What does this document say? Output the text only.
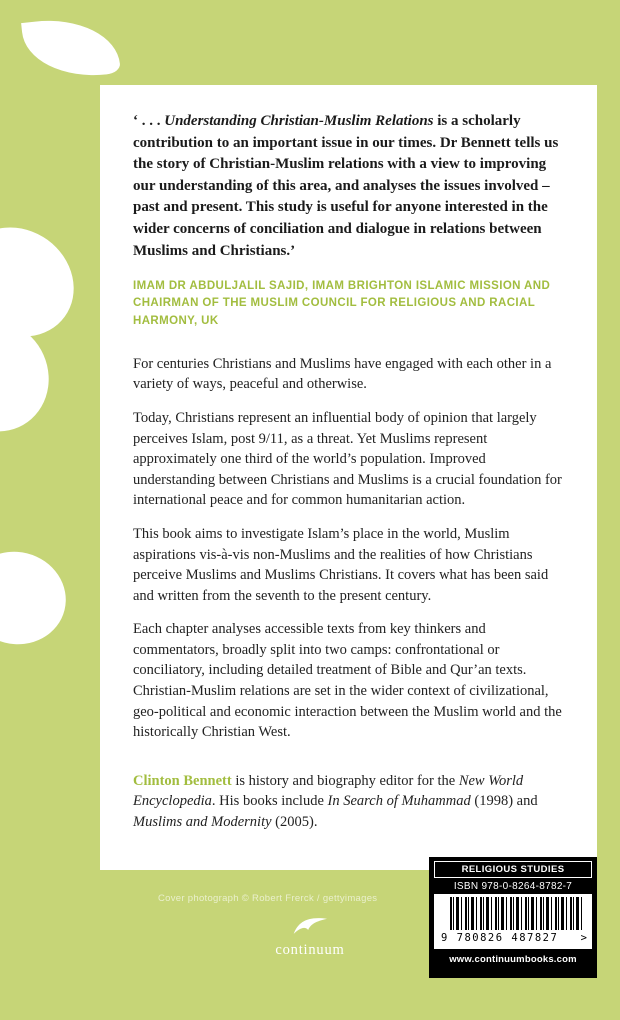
‘ . . . Understanding Christian-Muslim Relations is a scholarly contribution to an important issue in our times. Dr Bennett tells us the story of Christian-Muslim relations with a view to improving our understanding of this area, and analyses the issues involved – past and present. This study is useful for anyone interested in the wider concerns of conciliation and dialogue in relations between Muslims and Christians.’

IMAM DR ABDULJALIL SAJID, IMAM BRIGHTON ISLAMIC MISSION AND CHAIRMAN OF THE MUSLIM COUNCIL FOR RELIGIOUS AND RACIAL HARMONY, UK

For centuries Christians and Muslims have engaged with each other in a variety of ways, peaceful and otherwise.

Today, Christians represent an influential body of opinion that largely perceives Islam, post 9/11, as a threat. Yet Muslims represent approximately one third of the world’s population. Improved understanding between Christians and Muslims is a crucial foundation for international peace and for common humanitarian action.

This book aims to investigate Islam’s place in the world, Muslim aspirations vis-à-vis non-Muslims and the realities of how Christians perceive Muslims and Muslims Christians. It covers what has been said and written from the seventh to the present century.

Each chapter analyses accessible texts from key thinkers and commentators, broadly split into two camps: confrontational or conciliatory, including detailed treatment of Bible and Qur’an texts. Christian-Muslim relations are set in the wider context of civilizational, geo-political and economic interaction between the Muslim world and the historically Christian West.

Clinton Bennett is history and biography editor for the New World Encyclopedia. His books include In Search of Muhammad (1998) and Muslims and Modernity (2005).

Cover photograph © Robert Frerck / gettyimages
continuum
RELIGIOUS STUDIES
ISBN 978-0-8264-8782-7
9 780826 487827 >
www.continuumbooks.com
